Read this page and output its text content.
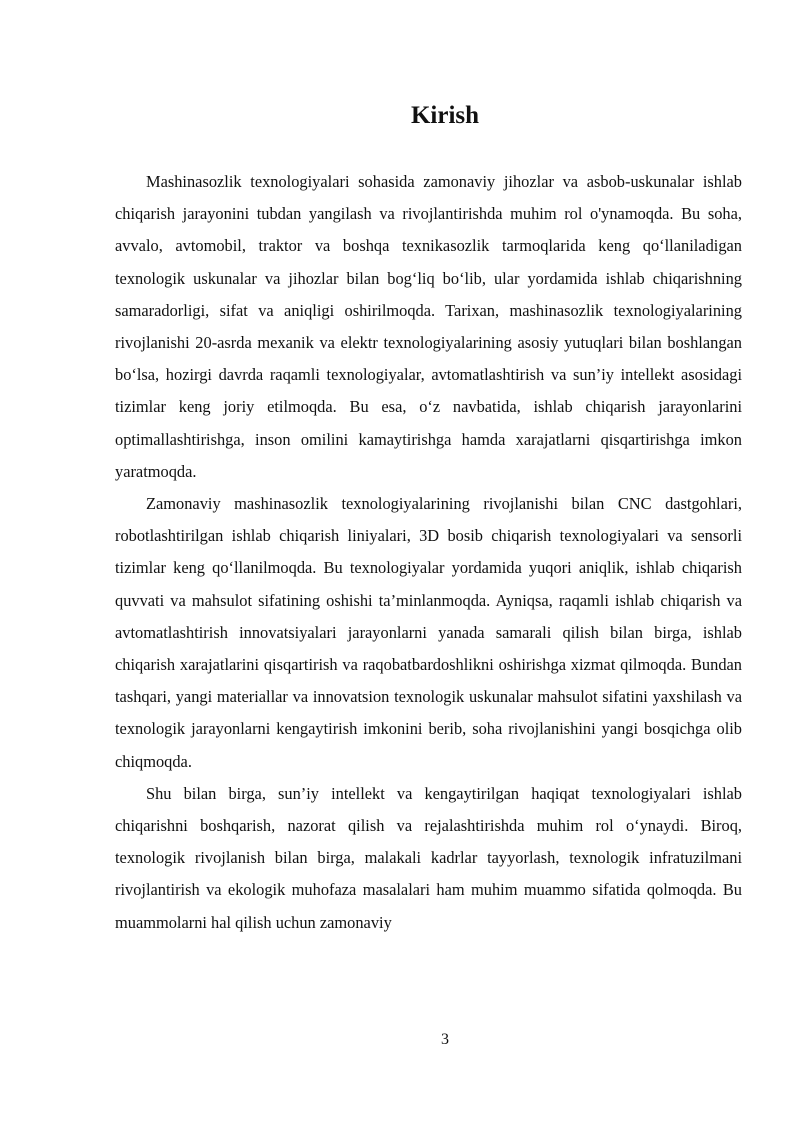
Kirish

Mashinasozlik texnologiyalari sohasida zamonaviy jihozlar va asbob-uskunalar ishlab chiqarish jarayonini tubdan yangilash va rivojlantirishda muhim rol o'ynamoqda. Bu soha, avvalo, avtomobil, traktor va boshqa texnikasozlik tarmoqlarida keng qo‘llaniladigan texnologik uskunalar va jihozlar bilan bog‘liq bo‘lib, ular yordamida ishlab chiqarishning samaradorligi, sifat va aniqligi oshirilmoqda. Tarixan, mashinasozlik texnologiyalarining rivojlanishi 20-asrda mexanik va elektr texnologiyalarining asosiy yutuqlari bilan boshlangan bo‘lsa, hozirgi davrda raqamli texnologiyalar, avtomatlashtirish va sun’iy intellekt asosidagi tizimlar keng joriy etilmoqda. Bu esa, o‘z navbatida, ishlab chiqarish jarayonlarini optimallashtirishga, inson omilini kamaytirishga hamda xarajatlarni qisqartirishga imkon yaratmoqda.

Zamonaviy mashinasozlik texnologiyalarining rivojlanishi bilan CNC dastgohlari, robotlashtirilgan ishlab chiqarish liniyalari, 3D bosib chiqarish texnologiyalari va sensorli tizimlar keng qo‘llanilmoqda. Bu texnologiyalar yordamida yuqori aniqlik, ishlab chiqarish quvvati va mahsulot sifatining oshishi ta’minlanmoqda. Ayniqsa, raqamli ishlab chiqarish va avtomatlashtirish innovatsiyalari jarayonlarni yanada samarali qilish bilan birga, ishlab chiqarish xarajatlarini qisqartirish va raqobatbardoshlikni oshirishga xizmat qilmoqda. Bundan tashqari, yangi materiallar va innovatsion texnologik uskunalar mahsulot sifatini yaxshilash va texnologik jarayonlarni kengaytirish imkonini berib, soha rivojlanishini yangi bosqichga olib chiqmoqda.

Shu bilan birga, sun’iy intellekt va kengaytirilgan haqiqat texnologiyalari ishlab chiqarishni boshqarish, nazorat qilish va rejalashtirishda muhim rol o‘ynaydi. Biroq, texnologik rivojlanish bilan birga, malakali kadrlar tayyorlash, texnologik infratuzilmani rivojlantirish va ekologik muhofaza masalalari ham muhim muammo sifatida qolmoqda. Bu muammolarni hal qilish uchun zamonaviy

3
